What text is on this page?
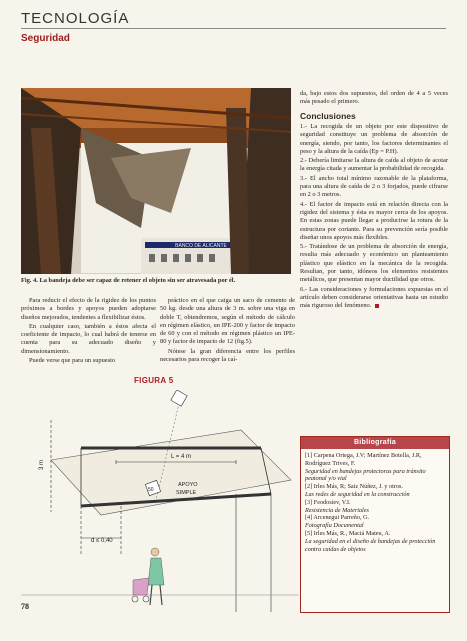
TECNOLOGÍA
Seguridad
BANCO DE ALICANTE
Fig. 4. La bandeja debe ser capaz de retener el objeto sin ser atravesada por él.

Para reducir el efecto de la rigidez de los puntos próximos a bordes y apoyos pueden adoptarse diseños mejorados, tendentes a flexibilizar éstos.

En cualquier caso, también a éstos afecta el coeficiente de impacto, lo cual habrá de tenerse en cuenta para su adecuado diseño y dimensionamiento.

Puede verse que para un supuesto

práctico en el que caiga un saco de cemento de 50 kg. desde una altura de 3 m. sobre una viga en doble T, obtendremos, según el método de cálculo en régimen elástico, un IPE-200 y factor de impacto de 60 y con el método en régimen plástico un IPE-80 y factor de impacto de 12 (fig.5).

Nótese la gran diferencia entre los perfiles necesarios para recoger la caí-

da, bajo estos dos supuestos, del orden de 4 a 5 veces más pesado el primero.

Conclusiones

1.- La recogida de un objeto por este dispositivo de seguridad constituye un problema de absorción de energía, siendo, por tanto, los factores determinantes el peso y la altura de la caída (Ep = P.H).

2.- Debería limitarse la altura de caída al objeto de acotar la energía citada y aumentar la probabilidad de recogida.

3.- El ancho total mínimo razonable de la plataforma, para una altura de caída de 2 o 3 forjados, puede cifrarse en 2 o 3 metros.

4.- El factor de impacto está en relación directa con la rigidez del sistema y ésta es mayor cerca de los apoyos. En estas zonas puede llegar a producirse la rotura de la estructura por cortante. Para su prevención sería posible diseñar unos apoyos más flexibles.

5.- Tratándose de un problema de absorción de energía, resulta más adecuado y económico un planteamiento plástico que elástico en la mecánica de la recogida. Resultan, por tanto, idóneos los elementos resistentes metálicos, que presentan mayor ductilidad que otros.

6.- Las consideraciones y formulaciones expuestas en el artículo deben considerarse orientativas hasta un estudio más riguroso del fenómeno.

FIGURA 5
L = 4 m
3 m
50
APOYO
SIMPLE
d ≤ 0,40
Bibliografía
[1] Carpena Ortega, J.V; Martínez Botella, J.R, Rodríguez Trives, F.
Seguridad en bandejas protectoras para tránsito peatonal y/o vial
[2] Irles Más, R; Saiz Núñez, J. y otros.
Las redes de seguridad en la construcción
[3] Feodosiev, V.I.
Resistencia de Materiales
[4] Arcenegui Parreño, G.
Fotografía Documental
[5] Irles Más, R., Maciá Mateu, A.
La seguridad en el diseño de bandejas de protección contra caídas de objetos
78
